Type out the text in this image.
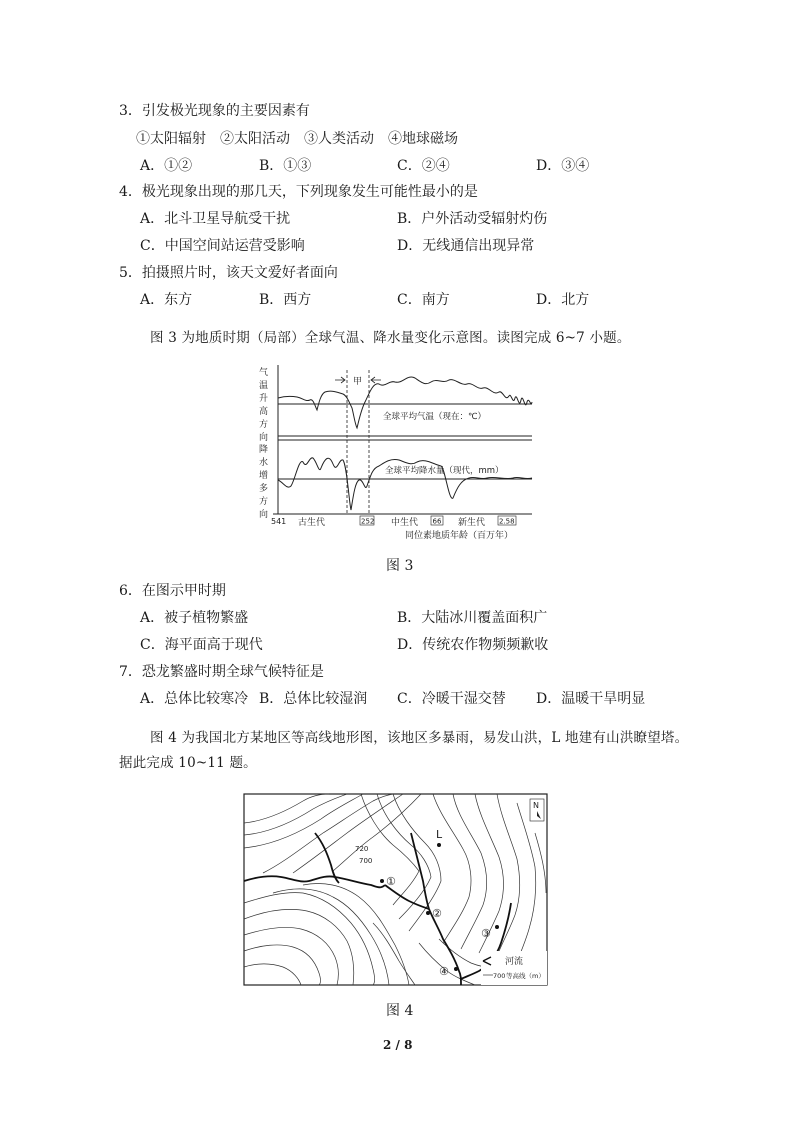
3．引发极光现象的主要因素有
①太阳辐射　②太阳活动　③人类活动　④地球磁场
A．①②	B．①③	C．②④	D．③④
4．极光现象出现的那几天，下列现象发生可能性最小的是
A．北斗卫星导航受干扰	B．户外活动受辐射灼伤
C．中国空间站运营受影响	D．无线通信出现异常
5．拍摄照片时，该天文爱好者面向
A．东方	B．西方	C．南方	D．北方
图 3 为地质时期（局部）全球气温、降水量变化示意图。读图完成 6~7 小题。
气
温
升
高
方
向
降
水
增
多
方
向
甲
全球平均气温（现在：℃）
全球平均降水量（现代，mm）
541 古生代	252 中生代 66 新生代 2.58
同位素地质年龄（百万年）
图 3
6．在图示甲时期
A．被子植物繁盛	B．大陆冰川覆盖面积广
C．海平面高于现代	D．传统农作物频频歉收
7．恐龙繁盛时期全球气候特征是
A．总体比较寒冷 B．总体比较湿润 C．冷暖干湿交替 D．温暖干旱明显
图 4 为我国北方某地区等高线地形图，该地区多暴雨，易发山洪，L 地建有山洪瞭望塔。
据此完成 10~11 题。
720
700
L
①
②
③
④
N
河流
700 等高线（m）
图 4
2 / 8
